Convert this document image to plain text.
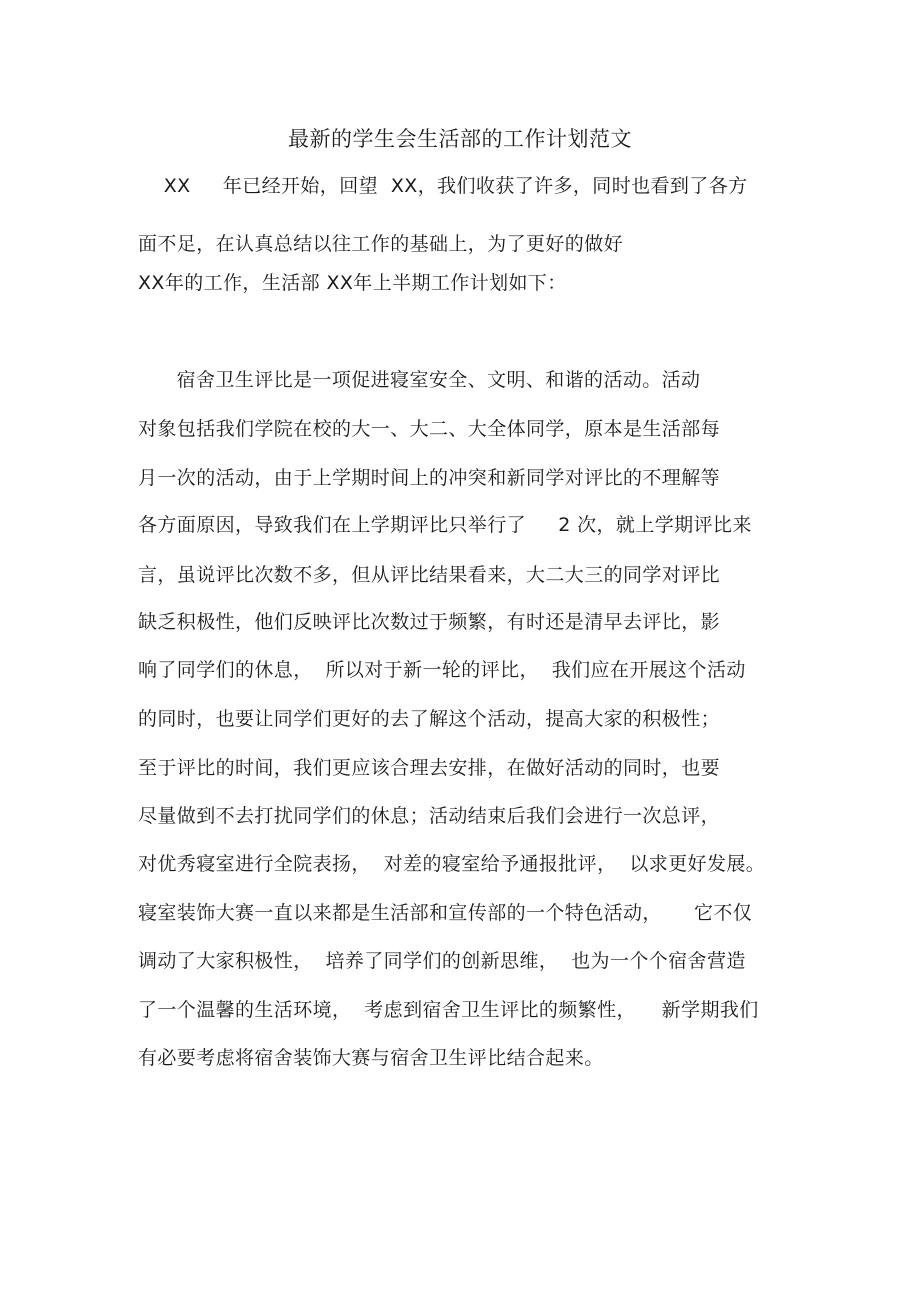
最新的学生会生活部的工作计划范文
XX     年已经开始，回望  XX，我们收获了许多，同时也看到了各方
面不足，在认真总结以往工作的基础上，为了更好的做好
XX年的工作，生活部 XX年上半期工作计划如下：
宿舍卫生评比是一项促进寝室安全、文明、和谐的活动。活动
对象包括我们学院在校的大一、大二、大全体同学，原本是生活部每
月一次的活动，由于上学期时间上的冲突和新同学对评比的不理解等
各方面原因，导致我们在上学期评比只举行了     2 次，就上学期评比来
言，虽说评比次数不多，但从评比结果看来，大二大三的同学对评比
缺乏积极性，他们反映评比次数过于频繁，有时还是清早去评比，影
响了同学们的休息，  所以对于新一轮的评比，  我们应在开展这个活动
的同时，也要让同学们更好的去了解这个活动，提高大家的积极性；
至于评比的时间，我们更应该合理去安排，在做好活动的同时，也要
尽量做到不去打扰同学们的休息；活动结束后我们会进行一次总评，
对优秀寝室进行全院表扬，  对差的寝室给予通报批评，  以求更好发展。
寝室装饰大赛一直以来都是生活部和宣传部的一个特色活动，     它不仅
调动了大家积极性，  培养了同学们的创新思维，  也为一个个宿舍营造
了一个温馨的生活环境，  考虑到宿舍卫生评比的频繁性，    新学期我们
有必要考虑将宿舍装饰大赛与宿舍卫生评比结合起来。
